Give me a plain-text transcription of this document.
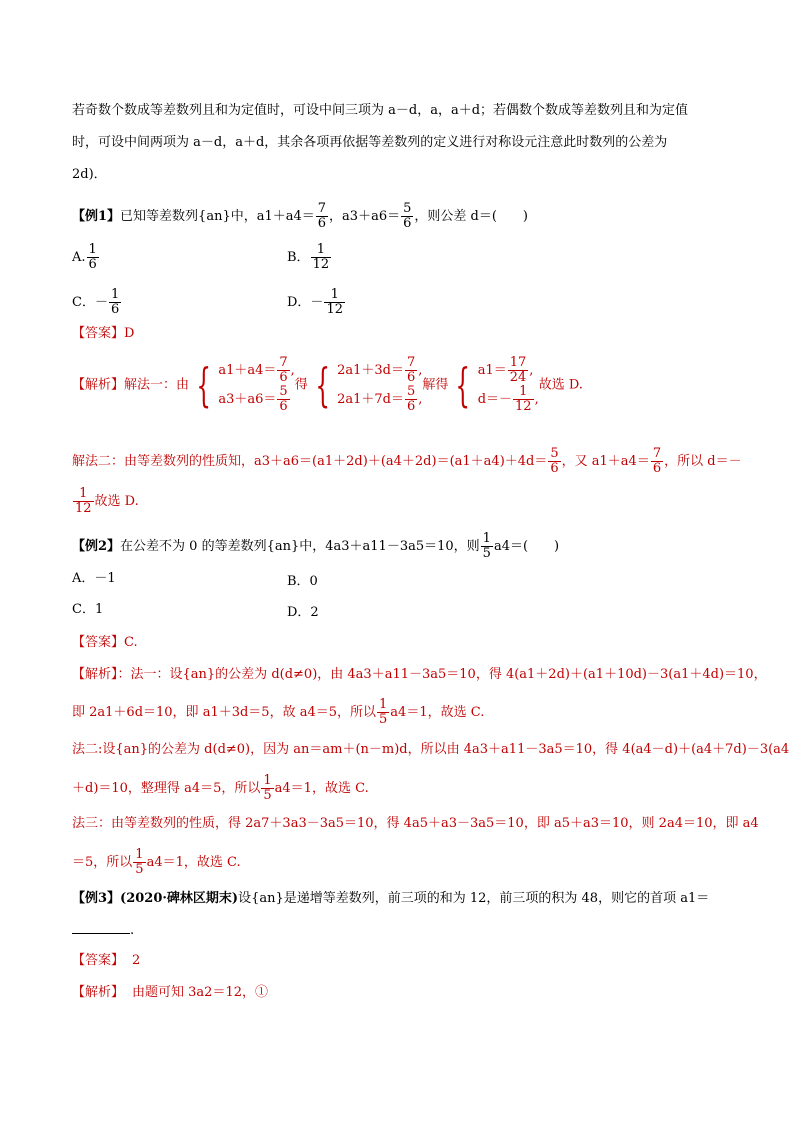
若奇数个数成等差数列且和为定值时，可设中间三项为 a－d，a，a＋d；若偶数个数成等差数列且和为定值
时，可设中间两项为 a－d，a＋d，其余各项再依据等差数列的定义进行对称设元注意此时数列的公差为
2d)．
【例1】已知等差数列{an}中，$a1+a4= \frac{7}{6}$ ，$a3+a6= \frac{5}{6}$ ，则公差 d＝(　　)
A. $\frac{1}{6}$	B． $\frac{1}{12}$
C．－ $\frac{1}{6}$	D．－ $\frac{1}{12}$
【答案】D
【解析】解法一：由 { $a1+a4= \frac{7}{6}$ ,
$a3+a6= \frac{5}{6}$ 得 { $2a1+3d= \frac{7}{6}$ ,
$2a1+7d= \frac{5}{6}$ ,
解得 { $a1= \frac{17}{24}$ ,
$d=- \frac{1}{12}$ ,
故选 D.
解法二：由等差数列的性质知，$a3+a6=(a1+2d)+(a4+2d)=(a1+a4)+4d= \frac{5}{6}$ ，又 $a1+a4= \frac{7}{6}$ ，所以 d＝－
$\frac{1}{12}$ 故选 D.
【例2】在公差不为 0 的等差数列{an}中，4a3＋a11－3a5＝10，则 $\frac{1}{5} a4=$(　　)
A．－1	B．0
C．1	D．2
【答案】C.
【解析】：法一：设{an}的公差为 d(d≠0)，由 4a3＋a11－3a5＝10，得 4(a1＋2d)＋(a1＋10d)－3(a1＋4d)＝10，
即 2a1＋6d＝10，即 a1＋3d＝5，故 a4＝5，所以 $\frac{1}{5} a4=1$，故选 C.
法二:设{an}的公差为 d(d≠0)，因为 an＝am＋(n－m)d，所以由 4a3＋a11－3a5＝10，得 4(a4－d)＋(a4＋7d)－3(a4
＋d)＝10，整理得 a4＝5，所以 $\frac{1}{5} a4=1$，故选 C.
法三：由等差数列的性质，得 2a7＋3a3－3a5＝10，得 4a5＋a3－3a5＝10，即 a5＋a3＝10，则 2a4＝10，即 a4
＝5，所以 $\frac{1}{5} a4=1$，故选 C.
【例3】(2020·碑林区期末)设{an}是递增等差数列，前三项的和为 12，前三项的积为 48，则它的首项 a1＝
.
【答案】 2
【解析】 由题可知 3a2＝12，①
